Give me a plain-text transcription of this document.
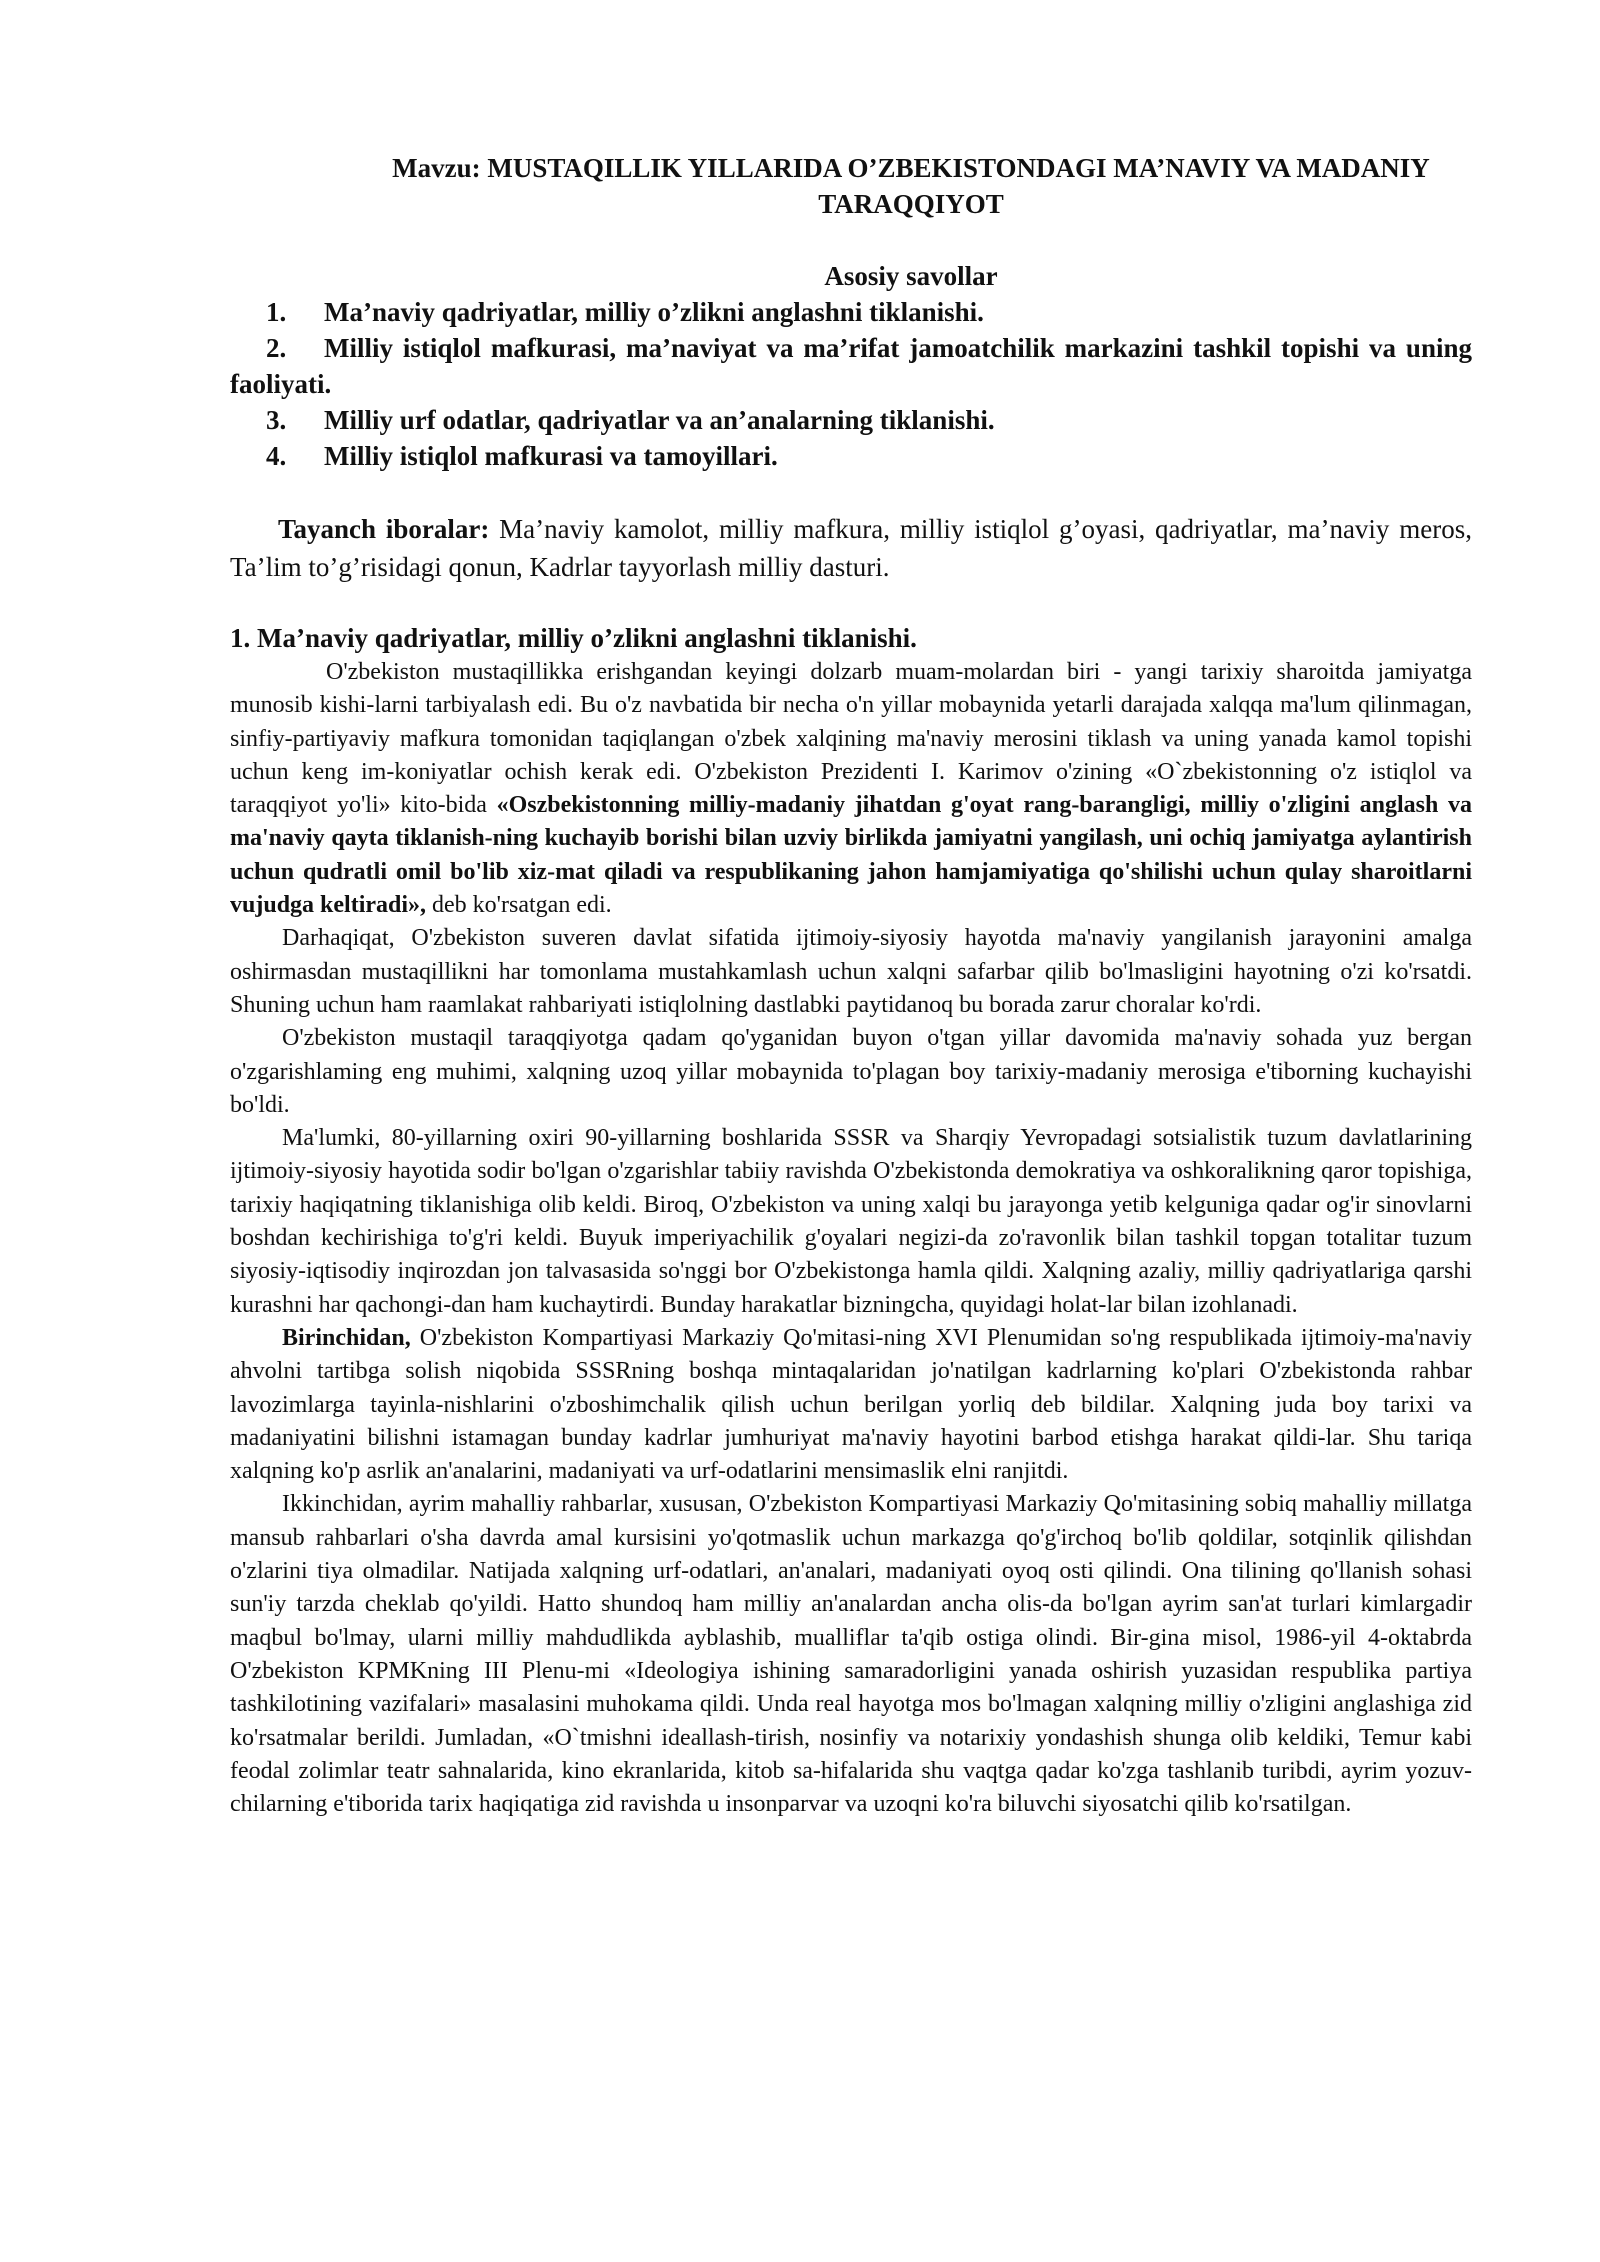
Mavzu: MUSTAQILLIK YILLARIDA O’ZBEKISTONDAGI MA’NAVIY VA MADANIY TARAQQIYOT
Asosiy savollar
1. Ma’naviy qadriyatlar, milliy o’zlikni anglashni tiklanishi.
2. Milliy istiqlol mafkurasi, ma’naviyat va ma’rifat jamoatchilik markazini tashkil topishi va uning faoliyati.
3. Milliy urf odatlar, qadriyatlar va an’analarning tiklanishi.
4. Milliy istiqlol mafkurasi va tamoyillari.

Tayanch iboralar: Ma’naviy kamolot, milliy mafkura, milliy istiqlol g’oyasi, qadriyatlar, ma’naviy meros, Ta’lim to’g’risidagi qonun, Kadrlar tayyorlash milliy dasturi.

1. Ma’naviy qadriyatlar, milliy o’zlikni anglashni tiklanishi.

O'zbekiston mustaqillikka erishgandan keyingi dolzarb muam-molardan biri - yangi tarixiy sharoitda jamiyatga munosib kishi-larni tarbiyalash edi. Bu o'z navbatida bir necha o'n yillar mobaynida yetarli darajada xalqqa ma'lum qilinmagan, sinfiy-partiyaviy mafkura tomonidan taqiqlangan o'zbek xalqining ma'naviy merosini tiklash va uning yanada kamol topishi uchun keng im-koniyatlar ochish kerak edi. O'zbekiston Prezidenti I. Karimov o'zining «O`zbekistonning o'z istiqlol va taraqqiyot yo'li» kito-bida «Oszbekistonning milliy-madaniy jihatdan g'oyat rang-barangligi, milliy o'zligini anglash va ma'naviy qayta tiklanish-ning kuchayib borishi bilan uzviy birlikda jamiyatni yangilash, uni ochiq jamiyatga aylantirish uchun qudratli omil bo'lib xiz-mat qiladi va respublikaning jahon hamjamiyatiga qo'shilishi uchun qulay sharoitlarni vujudga keltiradi», deb ko'rsatgan edi.

Darhaqiqat, O'zbekiston suveren davlat sifatida ijtimoiy-siyosiy hayotda ma'naviy yangilanish jarayonini amalga oshirmasdan mustaqillikni har tomonlama mustahkamlash uchun xalqni safarbar qilib bo'lmasligini hayotning o'zi ko'rsatdi. Shuning uchun ham raamlakat rahbariyati istiqlolning dastlabki paytidanoq bu borada zarur choralar ko'rdi.

O'zbekiston mustaqil taraqqiyotga qadam qo'yganidan buyon o'tgan yillar davomida ma'naviy sohada yuz bergan o'zgarishlaming eng muhimi, xalqning uzoq yillar mobaynida to'plagan boy tarixiy-madaniy merosiga e'tiborning kuchayishi bo'ldi.

Ma'lumki, 80-yillarning oxiri 90-yillarning boshlarida SSSR va Sharqiy Yevropadagi sotsialistik tuzum davlatlarining ijtimoiy-siyosiy hayotida sodir bo'lgan o'zgarishlar tabiiy ravishda O'zbekistonda demokratiya va oshkoralikning qaror topishiga, tarixiy haqiqatning tiklanishiga olib keldi. Biroq, O'zbekiston va uning xalqi bu jarayonga yetib kelguniga qadar og'ir sinovlarni boshdan kechirishiga to'g'ri keldi. Buyuk imperiyachilik g'oyalari negizi-da zo'ravonlik bilan tashkil topgan totalitar tuzum siyosiy-iqtisodiy inqirozdan jon talvasasida so'nggi bor O'zbekistonga hamla qildi. Xalqning azaliy, milliy qadriyatlariga qarshi kurashni har qachongi-dan ham kuchaytirdi. Bunday harakatlar bizningcha, quyidagi holat-lar bilan izohlanadi.

Birinchidan, O'zbekiston Kompartiyasi Markaziy Qo'mitasi-ning XVI Plenumidan so'ng respublikada ijtimoiy-ma'naviy ahvolni tartibga solish niqobida SSSRning boshqa mintaqalaridan jo'natilgan kadrlarning ko'plari O'zbekistonda rahbar lavozimlarga tayinla-nishlarini o'zboshimchalik qilish uchun berilgan yorliq deb bildilar. Xalqning juda boy tarixi va madaniyatini bilishni istamagan bunday kadrlar jumhuriyat ma'naviy hayotini barbod etishga harakat qildi-lar. Shu tariqa xalqning ko'p asrlik an'analarini, madaniyati va urf-odatlarini mensimaslik elni ranjitdi.

Ikkinchidan, ayrim mahalliy rahbarlar, xususan, O'zbekiston Kompartiyasi Markaziy Qo'mitasining sobiq mahalliy millatga mansub rahbarlari o'sha davrda amal kursisini yo'qotmaslik uchun markazga qo'g'irchoq bo'lib qoldilar, sotqinlik qilishdan o'zlarini tiya olmadilar. Natijada xalqning urf-odatlari, an'analari, madaniyati oyoq osti qilindi. Ona tilining qo'llanish sohasi sun'iy tarzda cheklab qo'yildi. Hatto shundoq ham milliy an'analardan ancha olis-da bo'lgan ayrim san'at turlari kimlargadir maqbul bo'lmay, ularni milliy mahdudlikda ayblashib, mualliflar ta'qib ostiga olindi. Bir-gina misol, 1986-yil 4-oktabrda O'zbekiston KPMKning III Plenu-mi «Ideologiya ishining samaradorligini yanada oshirish yuzasidan respublika partiya tashkilotining vazifalari» masalasini muhokama qildi. Unda real hayotga mos bo'lmagan xalqning milliy o'zligini anglashiga zid ko'rsatmalar berildi. Jumladan, «O`tmishni ideallash-tirish, nosinfiy va notarixiy yondashish shunga olib keldiki, Temur kabi feodal zolimlar teatr sahnalarida, kino ekranlarida, kitob sa-hifalarida shu vaqtga qadar ko'zga tashlanib turibdi, ayrim yozuv-chilarning e'tiborida tarix haqiqatiga zid ravishda u insonparvar va uzoqni ko'ra biluvchi siyosatchi qilib ko'rsatilgan.
